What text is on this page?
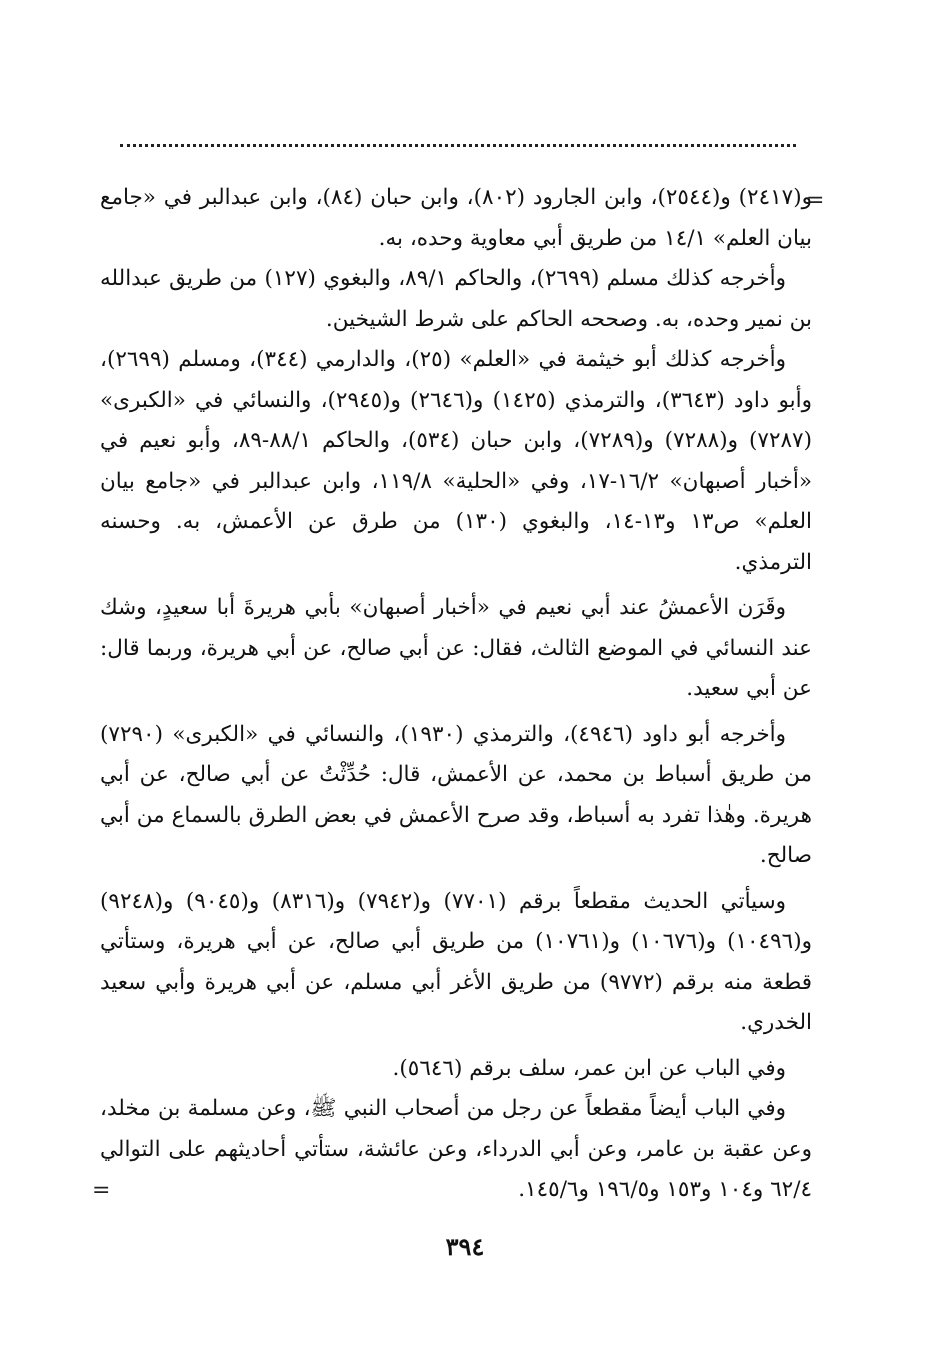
=

و(٢٤١٧) و(٢٥٤٤)، وابن الجارود (٨٠٢)، وابن حبان (٨٤)، وابن عبدالبر في «جامع بيان العلم» ١٤/١ من طريق أبي معاوية وحده، به.

وأخرجه كذلك مسلم (٢٦٩٩)، والحاكم ٨٩/١، والبغوي (١٢٧) من طريق عبدالله بن نمير وحده، به. وصححه الحاكم على شرط الشيخين.

وأخرجه كذلك أبو خيثمة في «العلم» (٢٥)، والدارمي (٣٤٤)، ومسلم (٢٦٩٩)، وأبو داود (٣٦٤٣)، والترمذي (١٤٢٥) و(٢٦٤٦) و(٢٩٤٥)، والنسائي في «الكبرى» (٧٢٨٧) و(٧٢٨٨) و(٧٢٨٩)، وابن حبان (٥٣٤)، والحاكم ٨٨/١-٨٩، وأبو نعيم في «أخبار أصبهان» ١٦/٢-١٧، وفي «الحلية» ١١٩/٨، وابن عبدالبر في «جامع بيان العلم» ص١٣ و١٣-١٤، والبغوي (١٣٠) من طرق عن الأعمش، به. وحسنه الترمذي.

وقَرَن الأعمشُ عند أبي نعيم في «أخبار أصبهان» بأبي هريرةَ أبا سعيدٍ، وشك عند النسائي في الموضع الثالث، فقال: عن أبي صالح، عن أبي هريرة، وربما قال: عن أبي سعيد.

وأخرجه أبو داود (٤٩٤٦)، والترمذي (١٩٣٠)، والنسائي في «الكبرى» (٧٢٩٠) من طريق أسباط بن محمد، عن الأعمش، قال: حُدِّثْتُ عن أبي صالح، عن أبي هريرة. وهٰذا تفرد به أسباط، وقد صرح الأعمش في بعض الطرق بالسماع من أبي صالح.

وسيأتي الحديث مقطعاً برقم (٧٧٠١) و(٧٩٤٢) و(٨٣١٦) و(٩٠٤٥) و(٩٢٤٨) و(١٠٤٩٦) و(١٠٦٧٦) و(١٠٧٦١) من طريق أبي صالح، عن أبي هريرة، وستأتي قطعة منه برقم (٩٧٧٢) من طريق الأغر أبي مسلم، عن أبي هريرة وأبي سعيد الخدري.

وفي الباب عن ابن عمر، سلف برقم (٥٦٤٦).

وفي الباب أيضاً مقطعاً عن رجل من أصحاب النبي ﷺ، وعن مسلمة بن مخلد، وعن عقبة بن عامر، وعن أبي الدرداء، وعن عائشة، ستأتي أحاديثهم على التوالي ٦٢/٤ و١٠٤ و١٥٣ و١٩٦/٥ و١٤٥/٦.

=
٣٩٤
